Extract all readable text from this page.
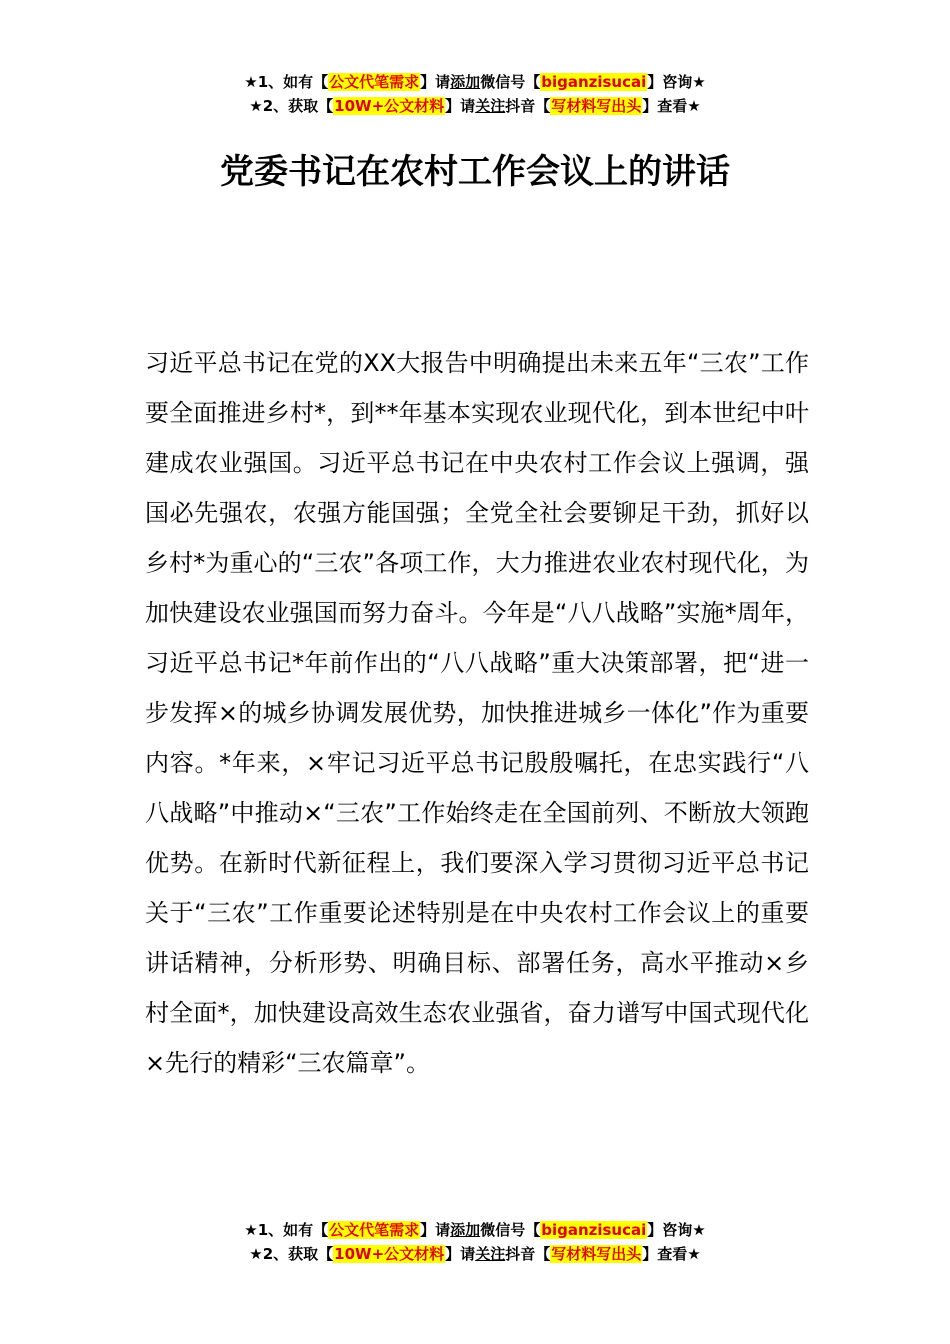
★1、如有【公文代笔需求】请添加微信号【biganzisucai】咨询★
★2、获取【10W+公文材料】请关注抖音【写材料写出头】查看★
党委书记在农村工作会议上的讲话

习近平总书记在党的XX大报告中明确提出未来五年“三农”工作要全面推进乡村*，到**年基本实现农业现代化，到本世纪中叶建成农业强国。习近平总书记在中央农村工作会议上强调，强国必先强农，农强方能国强；全党全社会要铆足干劲，抓好以乡村*为重心的“三农”各项工作，大力推进农业农村现代化，为加快建设农业强国而努力奋斗。今年是“八八战略”实施*周年，习近平总书记*年前作出的“八八战略”重大决策部署，把“进一步发挥×的城乡协调发展优势，加快推进城乡一体化”作为重要内容。*年来，×牢记习近平总书记殷殷嘱托，在忠实践行“八八战略”中推动×“三农”工作始终走在全国前列、不断放大领跑优势。在新时代新征程上，我们要深入学习贯彻习近平总书记关于“三农”工作重要论述特别是在中央农村工作会议上的重要讲话精神，分析形势、明确目标、部署任务，高水平推动×乡村全面*，加快建设高效生态农业强省，奋力谱写中国式现代化×先行的精彩“三农篇章”。

★1、如有【公文代笔需求】请添加微信号【biganzisucai】咨询★
★2、获取【10W+公文材料】请关注抖音【写材料写出头】查看★
